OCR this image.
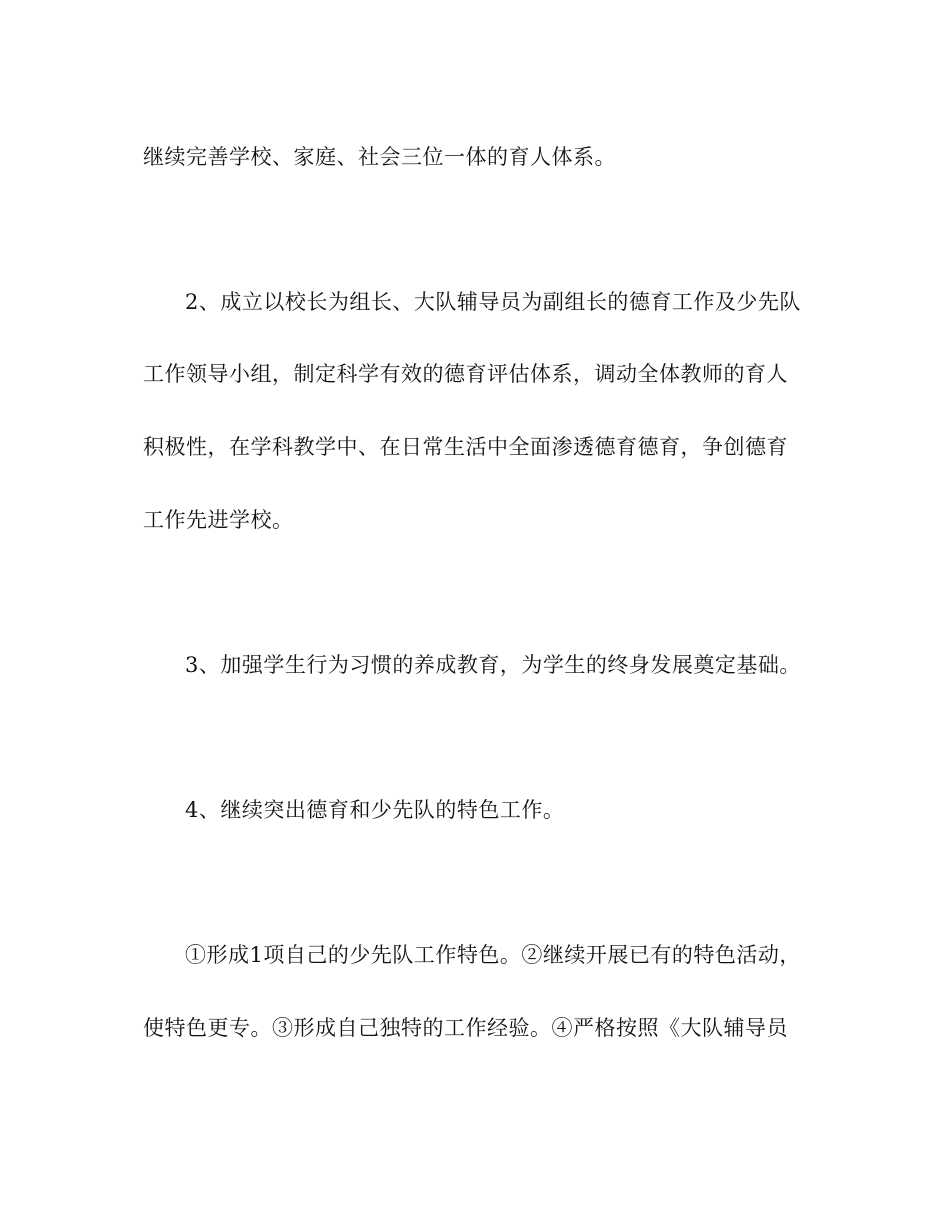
继续完善学校、家庭、社会三位一体的育人体系。
2、成立以校长为组长、大队辅导员为副组长的德育工作及少先队
工作领导小组，制定科学有效的德育评估体系，调动全体教师的育人
积极性，在学科教学中、在日常生活中全面渗透德育德育，争创德育
工作先进学校。
3、加强学生行为习惯的养成教育，为学生的终身发展奠定基础。
4、继续突出德育和少先队的特色工作。
①形成1项自己的少先队工作特色。②继续开展已有的特色活动，
使特色更专。③形成自己独特的工作经验。④严格按照《大队辅导员
